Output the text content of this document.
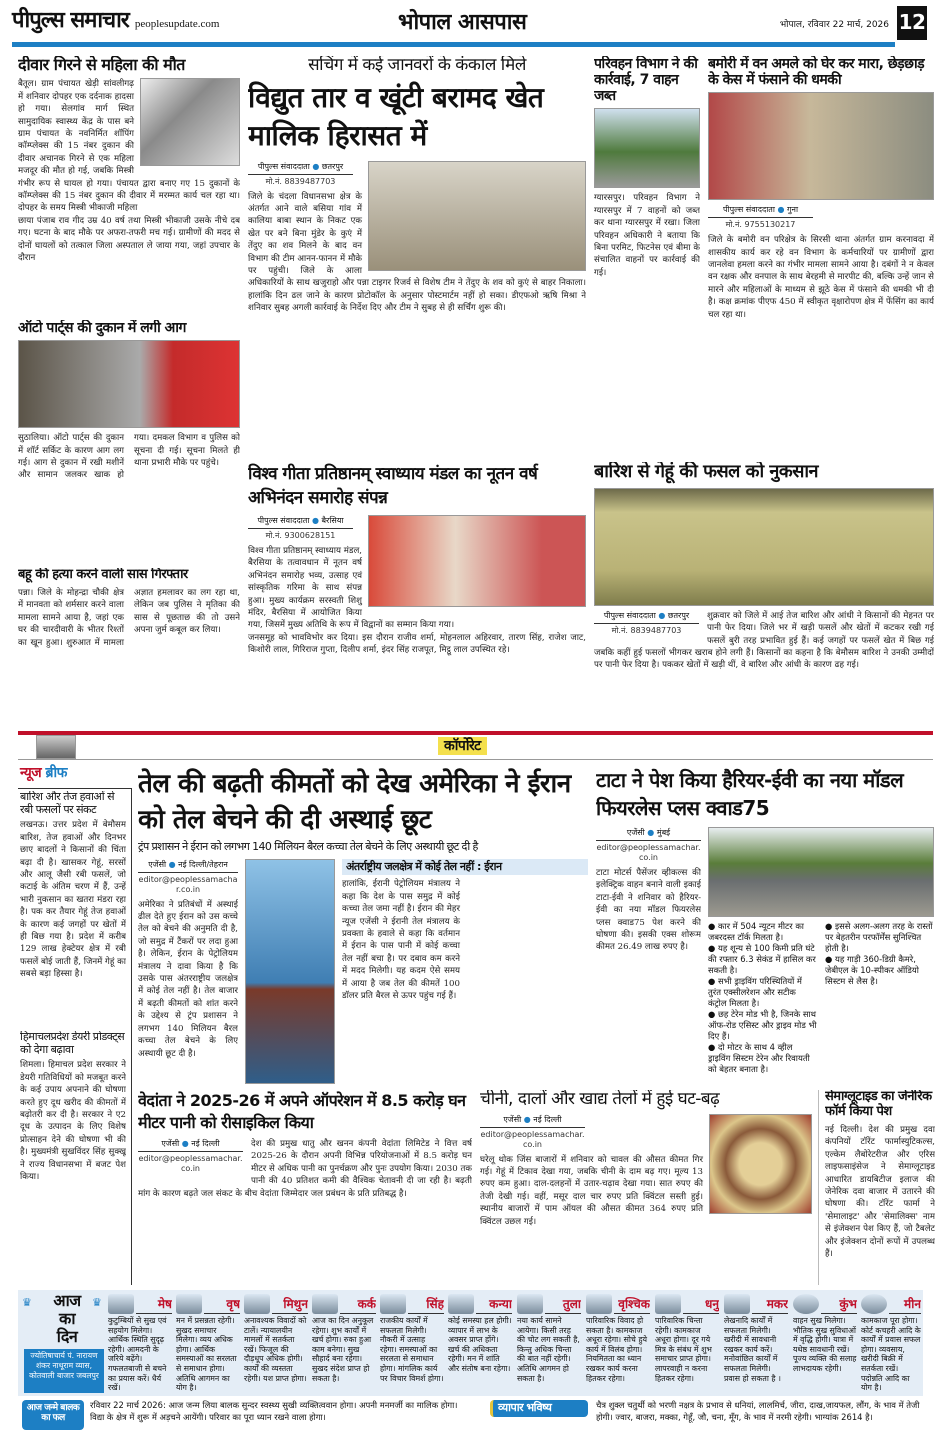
पीपुल्स समाचार peoplesupdate.com	भोपाल आसपास	भोपाल, रविवार 22 मार्च, 2026 12
दीवार गिरने से महिला की मौत
बैतूल। ग्राम पंचायत खेड़ी सांवलीगढ़ में शनिवार दोपहर एक दर्दनाक हादसा हो गया। सेलगांव मार्ग स्थित सामुदायिक स्वास्थ्य केंद्र के पास बने ग्राम पंचायत के नवनिर्मित शॉपिंग कॉम्प्लेक्स की 15 नंबर दुकान की दीवार अचानक गिरने से एक महिला मजदूर की मौत हो गई, जबकि मिस्त्री गंभीर रूप से घायल हो गया। पंचायत द्वारा बनाए गए 15 दुकानों के कॉम्प्लेक्स की 15 नंबर दुकान की दीवार में मरम्मत कार्य चल रहा था। दोपहर के समय मिस्त्री भीकाजी महिला
छाया पंजाब राव गीद उम्र 40 वर्ष तथा मिस्त्री भीकाजी उसके नीचे दब गए। घटना के बाद मौके पर अफरा-तफरी मच गई। ग्रामीणों की मदद से दोनों घायलों को तत्काल जिला अस्पताल ले जाया गया, जहां उपचार के दौरान
सचिंग में कई जानवरों के कंकाल मिले
विद्युत तार व खूंटी बरामद खेत मालिक हिरासत में
पीपुल्स संवाददाता ● छतरपुर
मो.नं. 8839487703
जिले के चंदला विधानसभा क्षेत्र के अंतर्गत आने वाले बसिया गांव में कालिया बाबा स्थान के निकट एक खेत पर बने बिना मुंडेर के कुएं में तेंदुए का शव मिलने के बाद वन विभाग की टीम आनन-फानन में मौके पर पहुंची। जिले के आला अधिकारियों के साथ खजुराहो और पन्ना टाइगर रिजर्व से विशेष टीम ने तेंदुए के शव को कुएं से बाहर निकाला। हालांकि दिन ढल जाने के कारण प्रोटोकॉल के अनुसार पोस्टमार्टम नहीं हो सका। डीएफओ ऋषि मिश्रा ने शनिवार सुबह अगली कार्रवाई के निर्देश दिए और टीम ने सुबह से ही सर्चिंग शुरू की।
परिवहन विभाग ने की कार्रवाई, 7 वाहन जब्त
ग्यारसपुर। परिवहन विभाग ने ग्यारसपुर में 7 वाहनों को जब्त कर थाना ग्यारसपुर में रखा। जिला परिवहन अधिकारी ने बताया कि बिना परमिट, फिटनेस एवं बीमा के संचालित वाहनों पर कार्रवाई की गई।
बमोरी में वन अमले को घेर कर मारा, छेड़छाड़ के केस में फंसाने की धमकी
पीपुल्स संवाददाता ● गुना
मो.नं. 9755130217
जिले के बमोरी वन परिक्षेत्र के सिरसी थाना अंतर्गत ग्राम करनावदा में शासकीय कार्य कर रहे वन विभाग के कर्मचारियों पर ग्रामीणों द्वारा जानलेवा हमला करने का गंभीर मामला सामने आया है। दबंगों ने न केवल वन रक्षक और वनपाल के साथ बेरहमी से मारपीट की, बल्कि उन्हें जान से मारने और महिलाओं के माध्यम से झूठे केस में फंसाने की धमकी भी दी है। कक्ष क्रमांक पीएफ 450 में स्वीकृत वृक्षारोपण क्षेत्र में फेंसिंग का कार्य चल रहा था।
ऑटो पार्ट्स की दुकान में लगी आग
सुठालिया। ऑटो पार्ट्स की दुकान में शॉर्ट सर्किट के कारण आग लग गई। आग से दुकान में रखी मशीनें और सामान जलकर खाक हो गया। दमकल विभाग व पुलिस को सूचना दी गई। सूचना मिलते ही थाना प्रभारी मौके पर पहुंचे।
बहू की हत्या करने वाली सास गिरफ्तार
पन्ना। जिले के मोहन्द्रा चौकी क्षेत्र में मानवता को शर्मसार करने वाला मामला सामने आया है, जहां एक घर की चारदीवारी के भीतर रिश्तों का खून हुआ। शुरुआत में मामला अज्ञात हमलावर का लग रहा था, लेकिन जब पुलिस ने मृतिका की सास से पूछताछ की तो उसने अपना जुर्म कबूल कर लिया।
विश्व गीता प्रतिष्ठानम् स्वाध्याय मंडल का नूतन वर्ष अभिनंदन समारोह संपन्न
पीपुल्स संवाददाता ● बैरसिया
मो.नं. 9300628151
विश्व गीता प्रतिष्ठानम् स्वाध्याय मंडल, बैरसिया के तत्वावधान में नूतन वर्ष अभिनंदन समारोह भव्य, उत्साह एवं सांस्कृतिक गरिमा के साथ संपन्न हुआ। मुख्य कार्यक्रम सरस्वती शिशु मंदिर, बैरसिया में आयोजित किया गया, जिसमें मुख्य अतिथि के रूप में विद्वानों का सम्मान किया गया।
जनसमूह को भावविभोर कर दिया। इस दौरान राजीव शर्मा, मोहनलाल अहिरवार, तारण सिंह, राजेश जाट, किशोरी लाल, गिरिराज गुप्ता, दिलीप शर्मा, इंदर सिंह राजपूत, मिट्ठू लाल उपस्थित रहे।
बारिश से गेहूं की फसल को नुकसान
पीपुल्स संवाददाता ● छतरपुर
मो.नं. 8839487703
शुक्रवार को जिले में आई तेज बारिश और आंधी ने किसानों की मेहनत पर पानी फेर दिया। जिले भर में खड़ी फसलें और खेतों में कटकर रखी गई फसलें बुरी तरह प्रभावित हुई हैं। कई जगहों पर फसलें खेत में बिछ गई जबकि कहीं हुई फसलों भीगकर खराब होने लगी हैं। किसानों का कहना है कि बेमौसम बारिश ने उनकी उम्मीदों पर पानी फेर दिया है। पककर खेतों में खड़ी थीं, वे बारिश और आंधी के कारण ढह गई।
कॉर्पोरेट
न्यूज ब्रीफ
बारिश और तेज हवाओं से रबी फसलों पर संकट
लखनऊ। उत्तर प्रदेश में बेमौसम बारिश, तेज हवाओं और दिनभर छाए बादलों ने किसानों की चिंता बढ़ा दी है। खासकर गेहूं, सरसों और आलू जैसी रबी फसलें, जो कटाई के अंतिम चरण में हैं, उन्हें भारी नुकसान का खतरा मंडरा रहा है। पक कर तैयार गेहूं तेज हवाओं के कारण कई जगहों पर खेतों में ही बिछ गया है। प्रदेश में करीब 129 लाख हेक्टेयर क्षेत्र में रबी फसलें बोई जाती हैं, जिनमें गेहूं का सबसे बड़ा हिस्सा है।
हिमाचलप्रदेश डेयरी प्रोडक्ट्स को देगा बढ़ावा
शिमला। हिमाचल प्रदेश सरकार ने डेयरी गतिविधियों को मजबूत करने के कई उपाय अपनाने की घोषणा करते हुए दूध खरीद की कीमतों में बढ़ोतरी कर दी है। सरकार ने ए2 दूध के उत्पादन के लिए विशेष प्रोत्साहन देने की घोषणा भी की है। मुख्यमंत्री सुखविंदर सिंह सुक्खू ने राज्य विधानसभा में बजट पेश किया।
तेल की बढ़ती कीमतों को देख अमेरिका ने ईरान को तेल बेचने की दी अस्थाई छूट
ट्रंप प्रशासन ने ईरान को लगभग 140 मिलियन बैरल कच्चा तेल बेचने के लिए अस्थायी छूट दी है
एजेंसी ● नई दिल्ली/तेहरान
editor@peoplessamachar.co.in
अमेरिका ने प्रतिबंधों में अस्थाई ढील देते हुए ईरान को उस कच्चे तेल को बेचने की अनुमति दी है, जो समुद्र में टैंकरों पर लदा हुआ है। लेकिन, ईरान के पेट्रोलियम मंत्रालय ने दावा किया है कि उसके पास अंतरराष्ट्रीय जलक्षेत्र में कोई तेल नहीं है। तेल बाजार में बढ़ती कीमतों को शांत करने के उद्देश्य से ट्रंप प्रशासन ने लगभग 140 मिलियन बैरल कच्चा तेल बेचने के लिए अस्थायी छूट दी है।
अंतर्राष्ट्रीय जलक्षेत्र में कोई तेल नहीं : ईरान
हालांकि, ईरानी पेट्रोलियम मंत्रालय ने कहा कि देश के पास समुद्र में कोई कच्चा तेल जमा नहीं है। ईरान की मेहर न्यूज एजेंसी ने ईरानी तेल मंत्रालय के प्रवक्ता के हवाले से कहा कि वर्तमान में ईरान के पास पानी में कोई कच्चा तेल नहीं बचा है। पर दबाव कम करने में मदद मिलेगी। यह कदम ऐसे समय में आया है जब तेल की कीमतें 100 डॉलर प्रति बैरल से ऊपर पहुंच गई हैं।
टाटा ने पेश किया हैरियर-ईवी का नया मॉडल फियरलेस प्लस क्वाड75
एजेंसी ● मुंबई
editor@peoplessamachar.co.in
टाटा मोटर्स पैसेंजर व्हीकल्स की इलेक्ट्रिक वाहन बनाने वाली इकाई टाटा-ईवी ने शनिवार को हैरियर-ईवी का नया मॉडल फियरलेस प्लस क्वाड75 पेश करने की घोषणा की। इसकी एक्स शोरूम कीमत 26.49 लाख रुपए है।
● कार में 504 न्यूटन मीटर का जबरदस्त टॉर्क मिलता है।
● यह शून्य से 100 किमी प्रति घंटे की रफ्तार 6.3 सेकंड में हासिल कर सकती है।
● सभी ड्राइविंग परिस्थितियों में तुरंत एक्सीलरेशन और सटीक कंट्रोल मिलता है।
● छह टेरेन मोड भी है, जिनके साथ ऑफ-रोड एसिस्ट और ड्राइव मोड भी दिए हैं।
● दो मोटर के साथ 4 व्हील ड्राइविंग सिस्टम टेरेन और रिवायती को बेहतर बनाता है।
● इससे अलग-अलग तरह के रास्तों पर बेहतरीन परफॉर्मेंस सुनिश्चित होती है।
● यह गाड़ी 360-डिग्री कैमरे, जेबीएल के 10-स्पीकर ऑडियो सिस्टम से लैस है।
वेदांता ने 2025-26 में अपने ऑपरेशन में 8.5 करोड़ घन मीटर पानी को रीसाइकिल किया
एजेंसी ● नई दिल्ली
editor@peoplessamachar.co.in
देश की प्रमुख धातु और खनन कंपनी वेदांता लिमिटेड ने वित्त वर्ष 2025-26 के दौरान अपनी विभिन्न परियोजनाओं में 8.5 करोड़ घन मीटर से अधिक पानी का पुनर्चक्रण और पुनः उपयोग किया। 2030 तक पानी की 40 प्रतिशत कमी की वैश्विक चेतावनी दी जा रही है। बढ़ती मांग के कारण बढ़ते जल संकट के बीच वेदांता जिम्मेदार जल प्रबंधन के प्रति प्रतिबद्ध है।
चीनी, दालों और खाद्य तेलों में हुई घट-बढ़
एजेंसी ● नई दिल्ली
editor@peoplessamachar.co.in
घरेलू थोक जिंस बाजारों में शनिवार को चावल की औसत कीमत गिर गई। गेहूं में टिकाव देखा गया, जबकि चीनी के दाम बढ़ गए। मूल्य 13 रुपए कम हुआ। दाल-दलहनों में उतार-चढ़ाव देखा गया। सात रुपए की तेजी देखी गई। वहीं, मसूर दाल चार रुपए प्रति क्विंटल सस्ती हुई। स्थानीय बाजारों में पाम ऑयल की औसत कीमत 364 रुपए प्रति क्विंटल उछल गई।
सेमाग्लूटाइड का जेनेरिक फॉर्म किया पेश
नई दिल्ली। देश की प्रमुख दवा कंपनियों टॉरेंट फार्मास्युटिकल्स, एल्केम लैबोरेटरीज और एरिस लाइफसाइंसेज ने सेमाग्लूटाइड आधारित डायबिटीज इलाज की जेनेरिक दवा बाजार में उतारने की घोषणा की। टॉरेंट फार्मा ने 'सेमालाइट' और 'सेमालिक्स' नाम से इंजेक्शन पेश किए हैं, जो टैबलेट और इंजेक्शन दोनों रूपों में उपलब्ध हैं।
आज
का
दिन
♛	♛
ज्योतिषाचार्य पं. नारायण शंकर नाथूराम व्यास, कोतवाली बाजार जबलपुर
मेष
कुटुम्बियों से सुख एवं सहयोग मिलेगा। आर्थिक स्थिति सुदृढ़ रहेगी। आमदनी के जरिये बढ़ेंगे। गफलतबाजी से बचने का प्रयास करें। धैर्य रखें।
वृष
मन में प्रसन्नता रहेगी। सुखद समाचार मिलेगा। व्यय अधिक होगा। आर्थिक समस्याओं का सरलता से समाधान होगा। अतिथि आगमन का योग है।
मिथुन
अनावश्यक विवादों को टालें। न्यायालयीन मामलों में सतर्कता रखें। फिजूल की दौड़धूप अधिक होगी। कार्यों की व्यस्तता रहेगी। यश प्राप्त होगा।
कर्क
आज का दिन अनुकूल रहेगा। शुभ कार्यों में खर्च होगा। रुका हुआ काम बनेगा। सुख सौहार्द बना रहेगा। सुखद संदेश प्राप्त हो सकता है।
सिंह
राजकीय कार्यों में सफलता मिलेगी। नौकरी में उत्साह रहेगा। समस्याओं का सरलता से समाधान होगा। मांगलिक कार्य पर विचार विमर्श होगा।
कन्या
कोई समस्या हल होगी। व्यापार में लाभ के अवसर प्राप्त होंगे। खर्च की अधिकता रहेगी। मन में शांति और संतोष बना रहेगा।
तुला
नया कार्य सामने आयेगा। किसी तरह की चोट लग सकती है, किन्तु अधिक चिन्ता की बात नहीं रहेगी। अतिथि आगमन हो सकता है।
वृश्चिक
पारिवारिक विवाद हो सकता है। कामकाज अधूरा रहेगा। सोचे हुये कार्य में विलंब होगा। नियमितता का ध्यान रखकर कार्य करना हितकर रहेगा।
धनु
पारिवारिक चिन्ता रहेगी। कामकाज अधूरा होगा। दूर गये मित्र के संबंध में शुभ समाचार प्राप्त होगा। लापरवाही न करना हितकर रहेगा।
मकर
लेखनादि कार्यों में सफलता मिलेगी। खरीदी में सावधानी रखकर कार्य करें। मनोवांछित कार्यों में सफलता मिलेगी। प्रवास हो सकता है ।
कुंभ
वाहन सुख मिलेगा। भौतिक सुख सुविधाओं में वृद्धि होगी। यात्रा में यथेष्ठ सावधानी रखें। पूज्य व्यक्ति की सलाह लाभदायक रहेगी।
मीन
कामकाज पूरा होगा। कोर्ट कचहरी आदि के कार्यों में प्रवास सफल होगा। व्यवसाय, खरीदी बिक्री में सतर्कता रखें। पदोन्नति आदि का योग है।
आज जन्मे बालक का फल
रविवार 22 मार्च 2026: आज जन्म लिया बालक सुन्दर स्वस्थ्य सुखी व्यक्तित्ववान होगा। अपनी मनमर्जी का मालिक होगा। विद्या के क्षेत्र में शुरू में अड़चने आयेंगी। परिवार का पूरा ध्यान रखने वाला होगा।
व्यापार भविष्य	चैत्र शुक्ल चतुर्थी को भरणी नक्षत्र के प्रभाव से धनियां, लालमिर्च, जीरा, दाख,जायफल, लौंग, के भाव में तेजी होगी। ज्वार, बाजरा, मक्का, गेहूँ, जौ, चना, मूँग, के भाव में नरमी रहेगी। भाग्यांक 2614 है।
